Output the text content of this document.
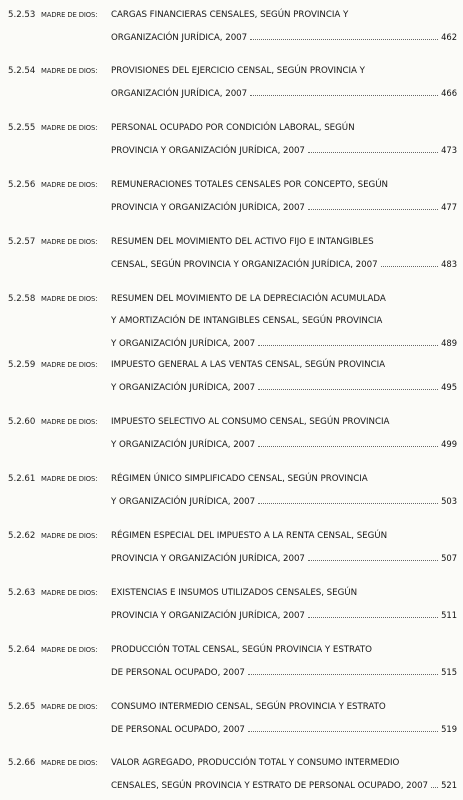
5.2.53 MADRE DE DIOS: CARGAS FINANCIERAS CENSALES, SEGÚN PROVINCIA Y
ORGANIZACIÓN JURÍDICA, 2007	462
5.2.54 MADRE DE DIOS: PROVISIONES DEL EJERCICIO CENSAL, SEGÚN PROVINCIA Y
ORGANIZACIÓN JURÍDICA, 2007	466
5.2.55 MADRE DE DIOS: PERSONAL OCUPADO POR CONDICIÓN LABORAL, SEGÚN
PROVINCIA Y ORGANIZACIÓN JURÍDICA, 2007	473
5.2.56 MADRE DE DIOS: REMUNERACIONES TOTALES CENSALES POR CONCEPTO, SEGÚN
PROVINCIA Y ORGANIZACIÓN JURÍDICA, 2007	477
5.2.57 MADRE DE DIOS: RESUMEN DEL MOVIMIENTO DEL ACTIVO FIJO E INTANGIBLES
CENSAL, SEGÚN PROVINCIA Y ORGANIZACIÓN JURÍDICA, 2007	483
5.2.58 MADRE DE DIOS: RESUMEN DEL MOVIMIENTO DE LA DEPRECIACIÓN ACUMULADA
Y AMORTIZACIÓN DE INTANGIBLES CENSAL, SEGÚN PROVINCIA
Y ORGANIZACIÓN JURÍDICA, 2007	489
5.2.59 MADRE DE DIOS: IMPUESTO GENERAL A LAS VENTAS CENSAL, SEGÚN PROVINCIA
Y ORGANIZACIÓN JURÍDICA, 2007	495
5.2.60 MADRE DE DIOS: IMPUESTO SELECTIVO AL CONSUMO CENSAL, SEGÚN PROVINCIA
Y ORGANIZACIÓN JURÍDICA, 2007	499
5.2.61 MADRE DE DIOS: RÉGIMEN ÚNICO SIMPLIFICADO CENSAL, SEGÚN PROVINCIA
Y ORGANIZACIÓN JURÍDICA, 2007	503
5.2.62 MADRE DE DIOS: RÉGIMEN ESPECIAL DEL IMPUESTO A LA RENTA CENSAL, SEGÚN
PROVINCIA Y ORGANIZACIÓN JURÍDICA, 2007	507
5.2.63 MADRE DE DIOS: EXISTENCIAS E INSUMOS UTILIZADOS CENSALES, SEGÚN
PROVINCIA Y ORGANIZACIÓN JURÍDICA, 2007	511
5.2.64 MADRE DE DIOS: PRODUCCIÓN TOTAL CENSAL, SEGÚN PROVINCIA Y ESTRATO
DE PERSONAL OCUPADO, 2007	515
5.2.65 MADRE DE DIOS: CONSUMO INTERMEDIO CENSAL, SEGÚN PROVINCIA Y ESTRATO
DE PERSONAL OCUPADO, 2007	519
5.2.66 MADRE DE DIOS: VALOR AGREGADO, PRODUCCIÓN TOTAL Y CONSUMO INTERMEDIO
CENSALES, SEGÚN PROVINCIA Y ESTRATO DE PERSONAL OCUPADO, 2007 521
